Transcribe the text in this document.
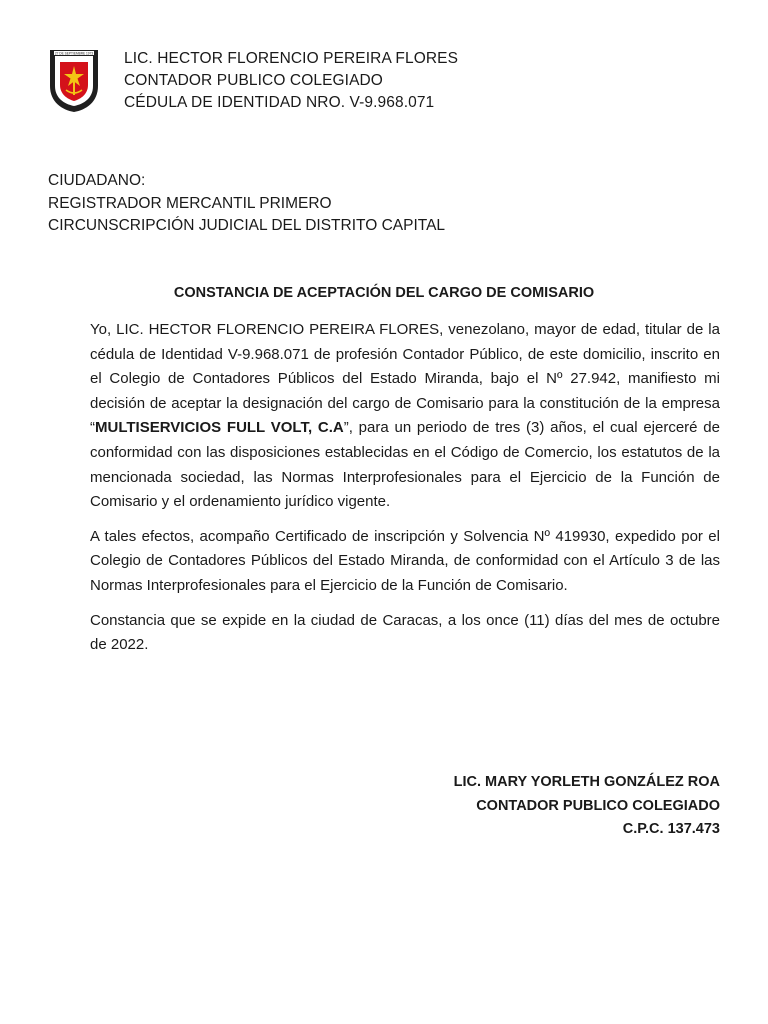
27 DE SEPTIEMBRE 1973 LIC. HECTOR FLORENCIO PEREIRA FLORES
CONTADOR PUBLICO COLEGIADO
CÉDULA DE IDENTIDAD NRO. V-9.968.071
CIUDADANO:
REGISTRADOR MERCANTIL PRIMERO
CIRCUNSCRIPCIÓN JUDICIAL DEL DISTRITO CAPITAL
CONSTANCIA DE ACEPTACIÓN DEL CARGO DE COMISARIO

Yo, LIC. HECTOR FLORENCIO PEREIRA FLORES, venezolano, mayor de edad, titular de la cédula de Identidad V-9.968.071 de profesión Contador Público, de este domicilio, inscrito en el Colegio de Contadores Públicos del Estado Miranda, bajo el Nº 27.942, manifiesto mi decisión de aceptar la designación del cargo de Comisario para la constitución de la empresa “MULTISERVICIOS FULL VOLT, C.A”, para un periodo de tres (3) años, el cual ejerceré de conformidad con las disposiciones establecidas en el Código de Comercio, los estatutos de la mencionada sociedad, las Normas Interprofesionales para el Ejercicio de la Función de Comisario y el ordenamiento jurídico vigente.

A tales efectos, acompaño Certificado de inscripción y Solvencia Nº 419930, expedido por el Colegio de Contadores Públicos del Estado Miranda, de conformidad con el Artículo 3 de las Normas Interprofesionales para el Ejercicio de la Función de Comisario.

Constancia que se expide en la ciudad de Caracas, a los once (11) días del mes de octubre de 2022.

LIC. MARY YORLETH GONZÁLEZ ROA
CONTADOR PUBLICO COLEGIADO
C.P.C. 137.473
